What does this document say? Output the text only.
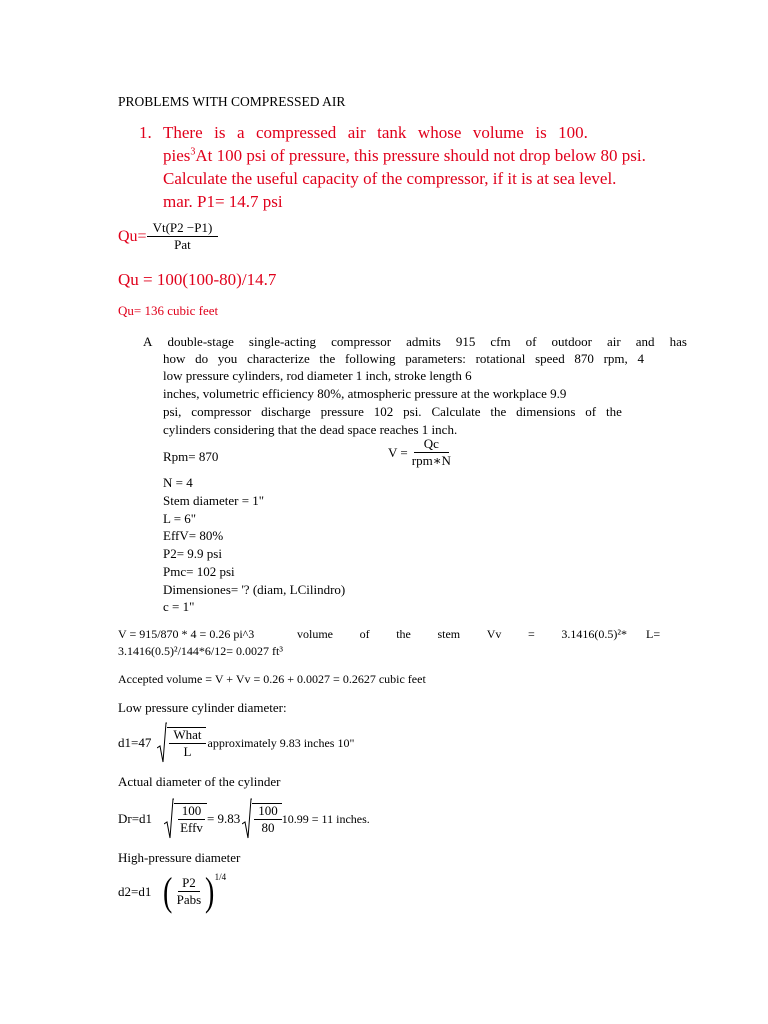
PROBLEMS WITH COMPRESSED AIR
1. There is a compressed air tank whose volume is 100.
pies$^3$At 100 psi of pressure, this pressure should not drop below 80 psi.
Calculate the useful capacity of the compressor, if it is at sea level.
mar. P1= 14.7 psi
$Qu= \frac{Vt(P2 -P1)}{\text{Pat}}$
Qu = 100(100-80)/14.7
Qu= 136 cubic feet
A double-stage single-acting compressor admits 915 cfm of outdoor air and has
how do you characterize the following parameters: rotational speed 870 rpm, 4
low pressure cylinders, rod diameter 1 inch, stroke length 6
inches, volumetric efficiency 80%, atmospheric pressure at the workplace 9.9
psi, compressor discharge pressure 102 psi. Calculate the dimensions of the
cylinders considering that the dead space reaches 1 inch.
Rpm= 870	$V = \frac{Qc}{\text{rpm∗N}}$
N = 4
Stem diameter = 1"
L = 6"
EffV= 80%
P2= 9.9 psi
Pmc= 102 psi
Dimensiones= '? (diam, LCilindro)
c = 1"
V = 915/870 * 4 = 0.26 pi^3	volume of the stem Vv = 3.1416(0.5)²* L=
3.1416(0.5)²/144*6/12= 0.0027 ft³
Accepted volume = V + Vv = 0.26 + 0.0027 = 0.2627 cubic feet
Low pressure cylinder diameter:
$d1=47 \frac{\text{What}}{L}$ approximately 9.83 inches 10"
Actual diameter of the cylinder
$Dr=d1 \frac{100}{\text{Effv}} = 9.83 \frac{100}{80} 10.99 = 11$ inches.
High-pressure diameter
d2=d1 ( $\frac{P2}{\text{Pabs}}$ ) 1/4
